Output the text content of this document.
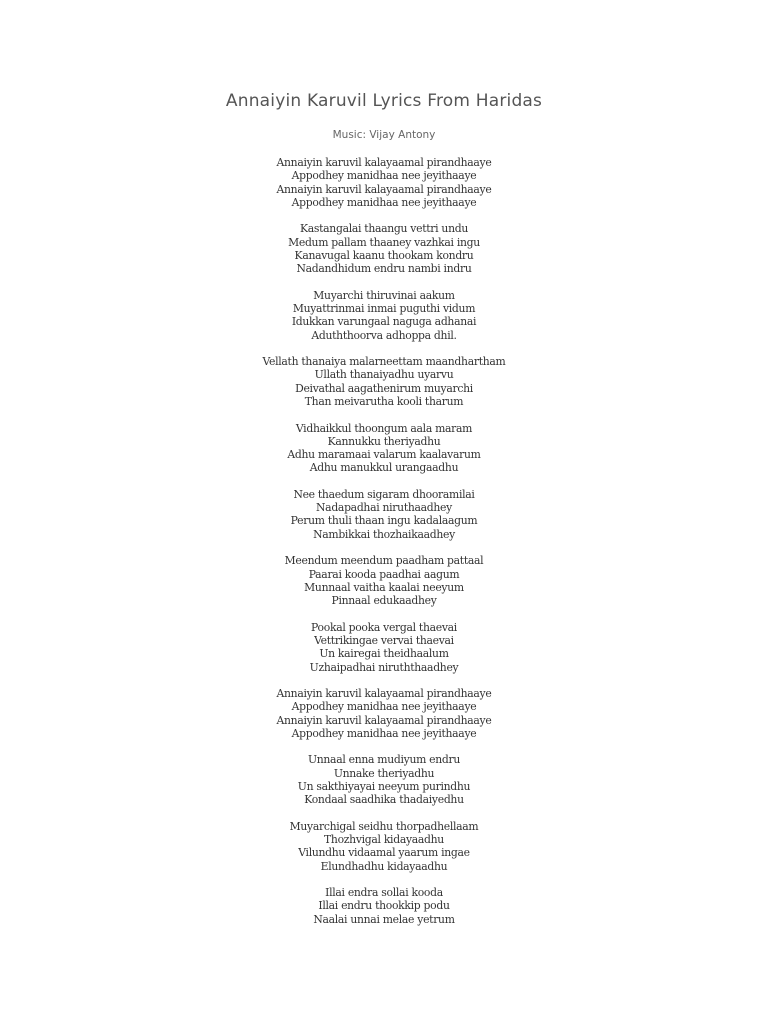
Annaiyin Karuvil Lyrics From Haridas
Music: Vijay Antony
Annaiyin karuvil kalayaamal pirandhaaye
Appodhey manidhaa nee jeyithaaye
Annaiyin karuvil kalayaamal pirandhaaye
Appodhey manidhaa nee jeyithaaye
Kastangalai thaangu vettri undu
Medum pallam thaaney vazhkai ingu
Kanavugal kaanu thookam kondru
Nadandhidum endru nambi indru
Muyarchi thiruvinai aakum
Muyattrinmai inmai puguthi vidum
Idukkan varungaal naguga adhanai
Aduththoorva adhoppa dhil.
Vellath thanaiya malarneettam maandhartham
Ullath thanaiyadhu uyarvu
Deivathal aagathenirum muyarchi
Than meivarutha kooli tharum
Vidhaikkul thoongum aala maram
Kannukku theriyadhu
Adhu maramaai valarum kaalavarum
Adhu manukkul urangaadhu
Nee thaedum sigaram dhooramilai
Nadapadhai niruthaadhey
Perum thuli thaan ingu kadalaagum
Nambikkai thozhaikaadhey
Meendum meendum paadham pattaal
Paarai kooda paadhai aagum
Munnaal vaitha kaalai neeyum
Pinnaal edukaadhey
Pookal pooka vergal thaevai
Vettrikingae vervai thaevai
Un kairegai theidhaalum
Uzhaipadhai niruththaadhey
Annaiyin karuvil kalayaamal pirandhaaye
Appodhey manidhaa nee jeyithaaye
Annaiyin karuvil kalayaamal pirandhaaye
Appodhey manidhaa nee jeyithaaye
Unnaal enna mudiyum endru
Unnake theriyadhu
Un sakthiyayai neeyum purindhu
Kondaal saadhika thadaiyedhu
Muyarchigal seidhu thorpadhellaam
Thozhvigal kidayaadhu
Vilundhu vidaamal yaarum ingae
Elundhadhu kidayaadhu
Illai endra sollai kooda
Illai endru thookkip podu
Naalai unnai melae yetrum
